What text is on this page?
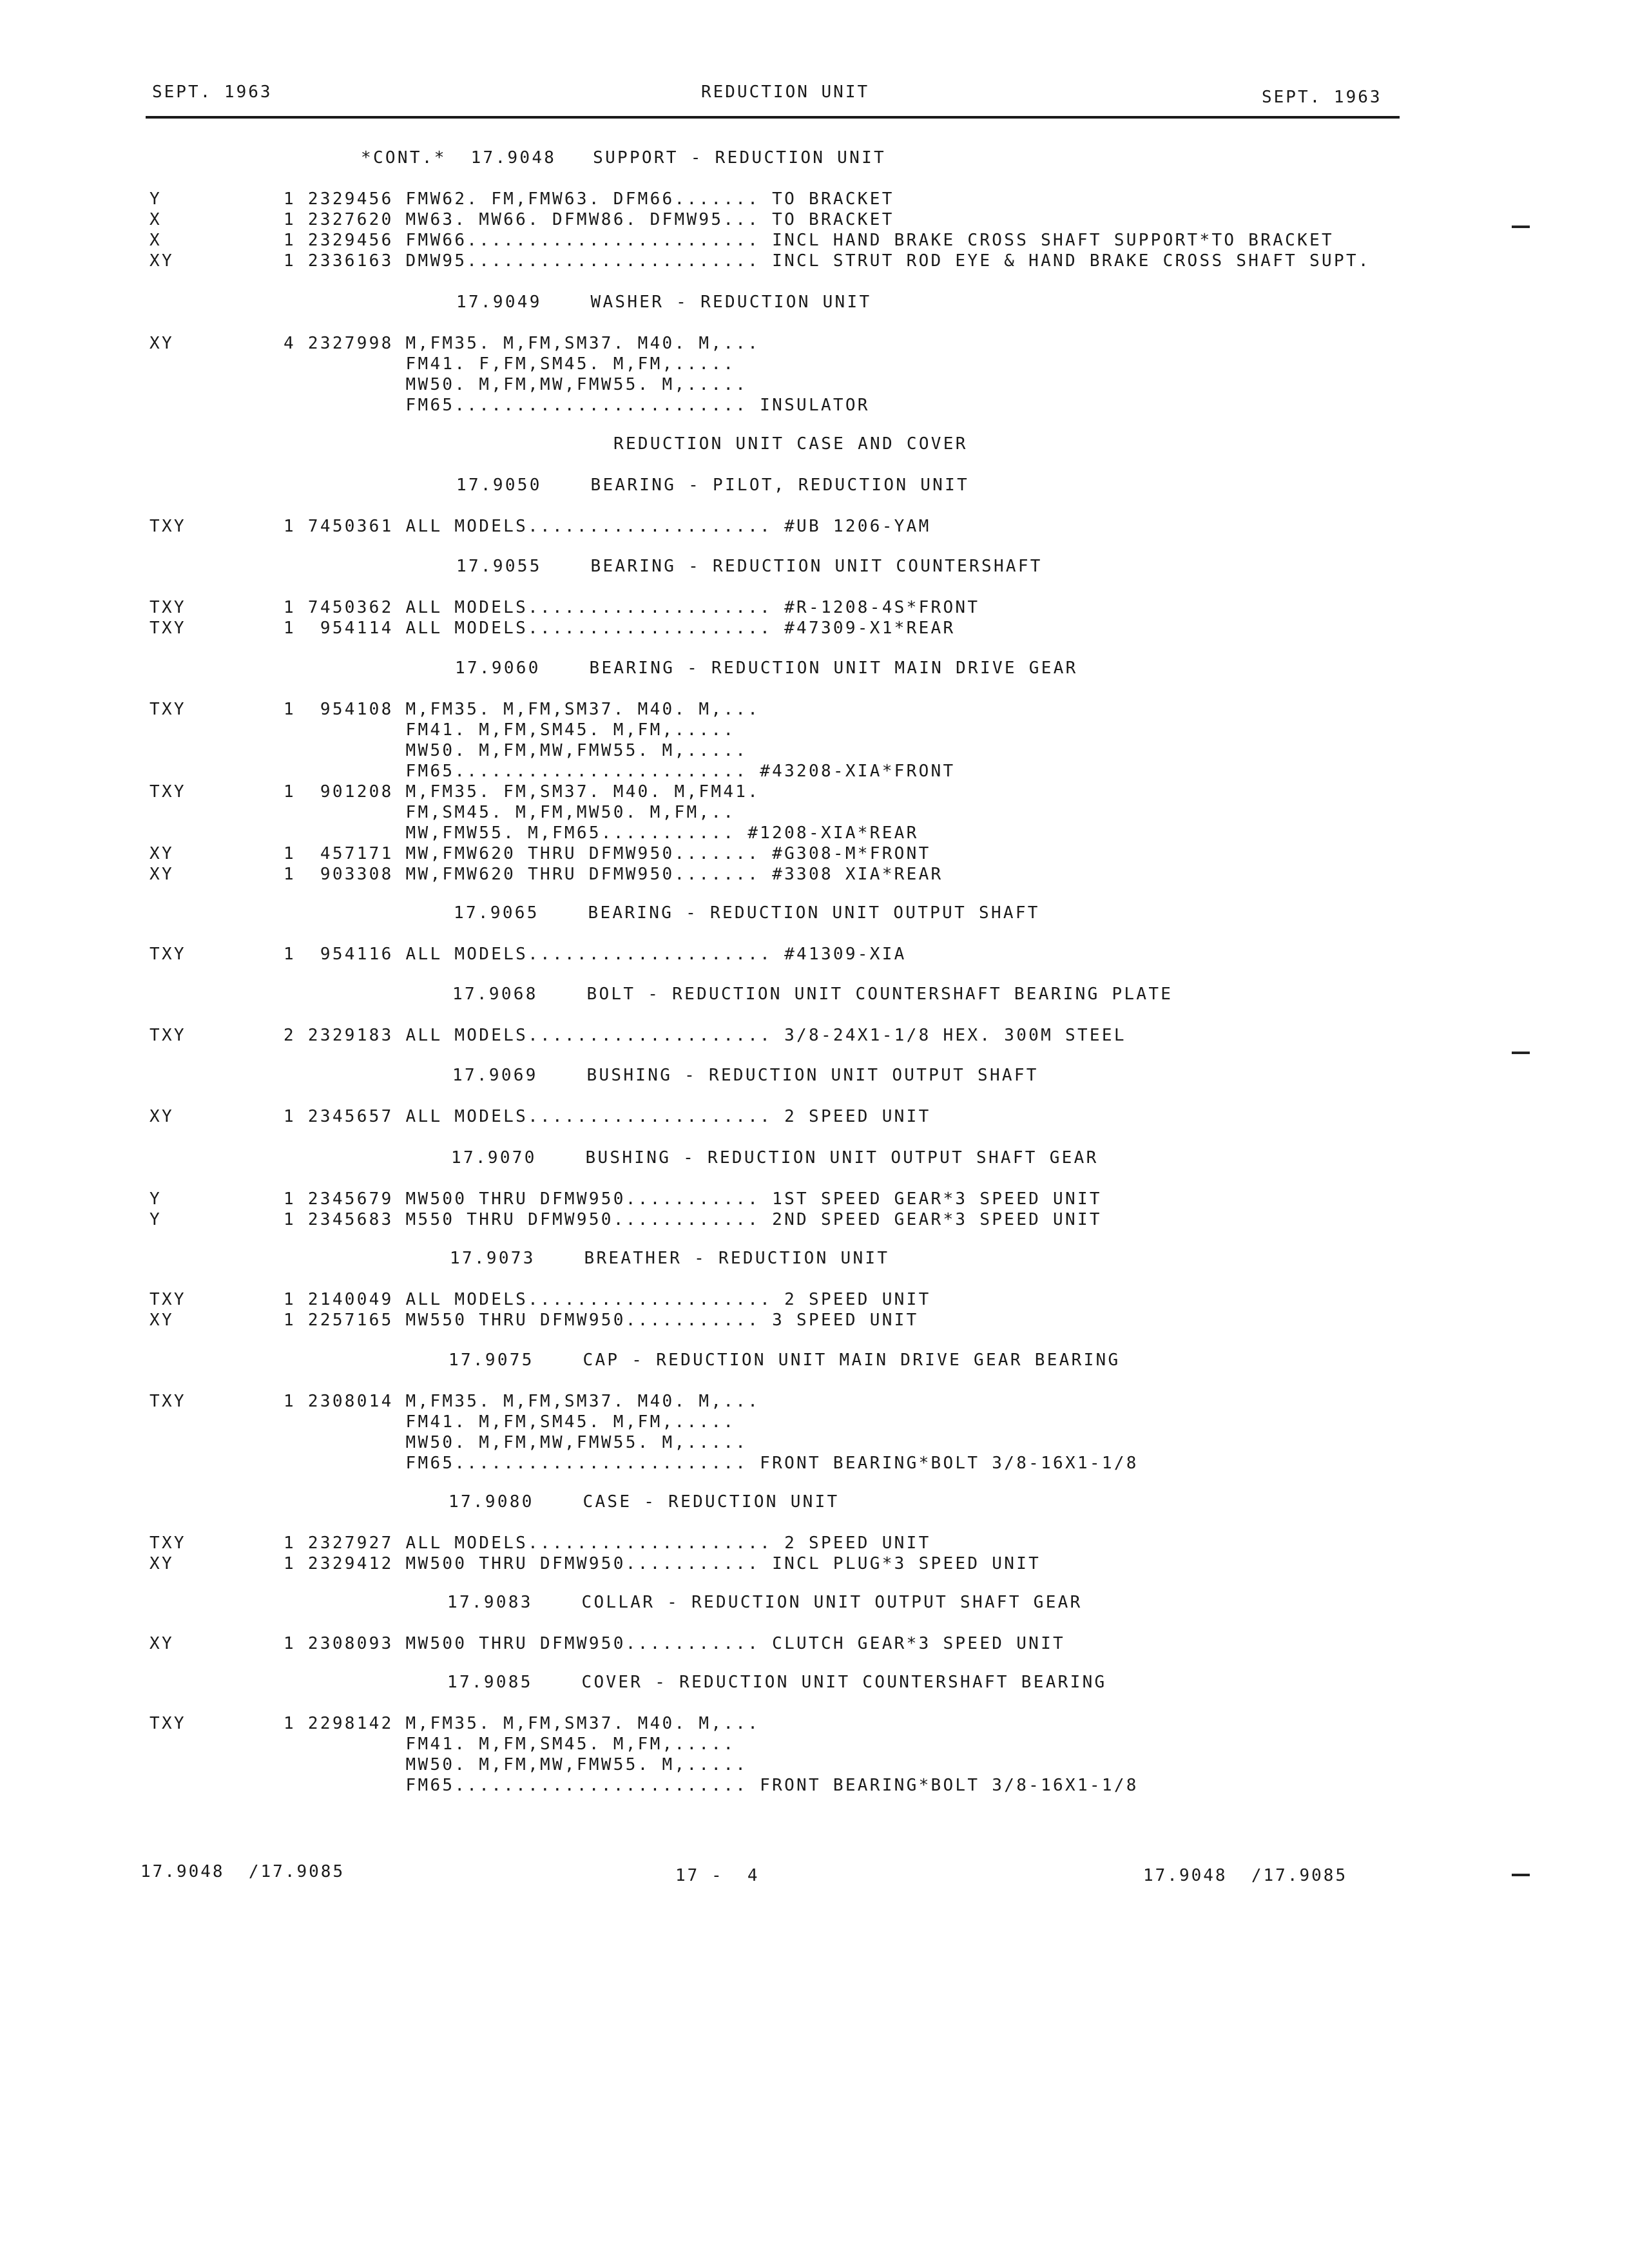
SEPT. 1963	REDUCTION UNIT	SEPT. 1963
*CONT.*  17.9048   SUPPORT - REDUCTION UNIT
Y	1 2329456 FMW62. FM,FMW63. DFM66....... TO BRACKET
X	1 2327620 MW63. MW66. DFMW86. DFMW95... TO BRACKET
X	1 2329456 FMW66........................ INCL HAND BRAKE CROSS SHAFT SUPPORT*TO BRACKET
XY	1 2336163 DMW95........................ INCL STRUT ROD EYE & HAND BRAKE CROSS SHAFT SUPT.
17.9049    WASHER - REDUCTION UNIT
XY	4 2327998 M,FM35. M,FM,SM37. M40. M,...
FM41. F,FM,SM45. M,FM,.....
MW50. M,FM,MW,FMW55. M,.....
FM65........................ INSULATOR
REDUCTION UNIT CASE AND COVER
17.9050    BEARING - PILOT, REDUCTION UNIT
TXY	1 7450361 ALL MODELS.................... #UB 1206-YAM
17.9055    BEARING - REDUCTION UNIT COUNTERSHAFT
TXY	1 7450362 ALL MODELS.................... #R-1208-4S*FRONT
TXY	1  954114 ALL MODELS.................... #47309-X1*REAR
17.9060    BEARING - REDUCTION UNIT MAIN DRIVE GEAR
TXY	1  954108 M,FM35. M,FM,SM37. M40. M,...
FM41. M,FM,SM45. M,FM,.....
MW50. M,FM,MW,FMW55. M,.....
FM65........................ #43208-XIA*FRONT
TXY	1  901208 M,FM35. FM,SM37. M40. M,FM41.
FM,SM45. M,FM,MW50. M,FM,..
MW,FMW55. M,FM65........... #1208-XIA*REAR
XY	1  457171 MW,FMW620 THRU DFMW950....... #G308-M*FRONT
XY	1  903308 MW,FMW620 THRU DFMW950....... #3308 XIA*REAR
17.9065    BEARING - REDUCTION UNIT OUTPUT SHAFT
TXY	1  954116 ALL MODELS.................... #41309-XIA
17.9068    BOLT - REDUCTION UNIT COUNTERSHAFT BEARING PLATE
TXY	2 2329183 ALL MODELS.................... 3/8-24X1-1/8 HEX. 300M STEEL
17.9069    BUSHING - REDUCTION UNIT OUTPUT SHAFT
XY	1 2345657 ALL MODELS.................... 2 SPEED UNIT
17.9070    BUSHING - REDUCTION UNIT OUTPUT SHAFT GEAR
Y	1 2345679 MW500 THRU DFMW950........... 1ST SPEED GEAR*3 SPEED UNIT
Y	1 2345683 M550 THRU DFMW950............ 2ND SPEED GEAR*3 SPEED UNIT
17.9073    BREATHER - REDUCTION UNIT
TXY	1 2140049 ALL MODELS.................... 2 SPEED UNIT
XY	1 2257165 MW550 THRU DFMW950........... 3 SPEED UNIT
17.9075    CAP - REDUCTION UNIT MAIN DRIVE GEAR BEARING
TXY	1 2308014 M,FM35. M,FM,SM37. M40. M,...
FM41. M,FM,SM45. M,FM,.....
MW50. M,FM,MW,FMW55. M,.....
FM65........................ FRONT BEARING*BOLT 3/8-16X1-1/8
17.9080    CASE - REDUCTION UNIT
TXY	1 2327927 ALL MODELS.................... 2 SPEED UNIT
XY	1 2329412 MW500 THRU DFMW950........... INCL PLUG*3 SPEED UNIT
17.9083    COLLAR - REDUCTION UNIT OUTPUT SHAFT GEAR
XY	1 2308093 MW500 THRU DFMW950........... CLUTCH GEAR*3 SPEED UNIT
17.9085    COVER - REDUCTION UNIT COUNTERSHAFT BEARING
TXY	1 2298142 M,FM35. M,FM,SM37. M40. M,...
FM41. M,FM,SM45. M,FM,.....
MW50. M,FM,MW,FMW55. M,.....
FM65........................ FRONT BEARING*BOLT 3/8-16X1-1/8
17.9048  /17.9085	17 -  4	17.9048  /17.9085
